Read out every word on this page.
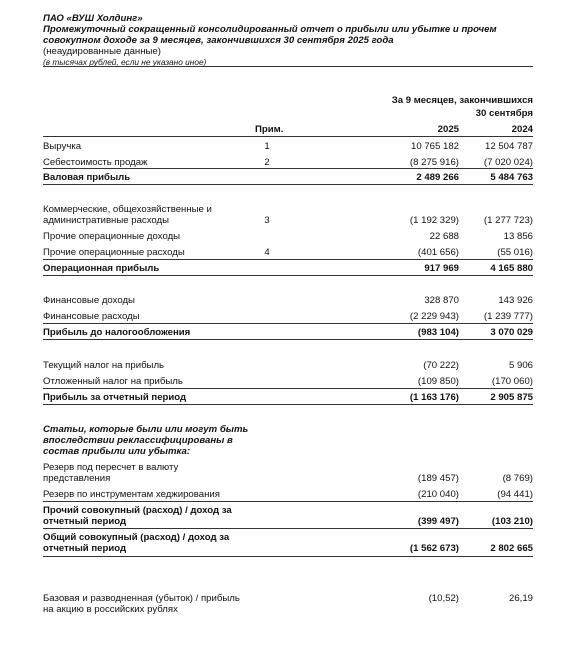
ПАО «ВУШ Холдинг»
Промежуточный сокращенный консолидированный отчет о прибыли или убытке и прочем
совокупном доходе за 9 месяцев, закончившихся 30 сентября 2025 года
(неаудированные данные)
(в тысячах рублей, если не указано иное)
За 9 месяцев, закончившихся
30 сентября
Прим.	2025	2024
Выручка	1	10 765 182	12 504 787
Себестоимость продаж	2	(8 275 916)	(7 020 024)
Валовая прибыль	2 489 266	5 484 763
Коммерческие, общехозяйственные и
административные расходы	3	(1 192 329)	(1 277 723)
Прочие операционные доходы	22 688	13 856
Прочие операционные расходы	4	(401 656)	(55 016)
Операционная прибыль	917 969	4 165 880
Финансовые доходы	328 870	143 926
Финансовые расходы	(2 229 943)	(1 239 777)
Прибыль до налогообложения	(983 104)	3 070 029
Текущий налог на прибыль	(70 222)	5 906
Отложенный налог на прибыль	(109 850)	(170 060)
Прибыль за отчетный период	(1 163 176)	2 905 875
Статьи, которые были или могут быть
впоследствии реклассифицированы в
состав прибыли или убытка:
Резерв под пересчет в валюту
представления	(189 457)	(8 769)
Резерв по инструментам хеджирования	(210 040)	(94 441)
Прочий совокупный (расход) / доход за
отчетный период	(399 497)	(103 210)
Общий совокупный (расход) / доход за
отчетный период	(1 562 673)	2 802 665
Базовая и разводненная (убыток) / прибыль
на акцию в российских рублях
(10,52)	26,19
